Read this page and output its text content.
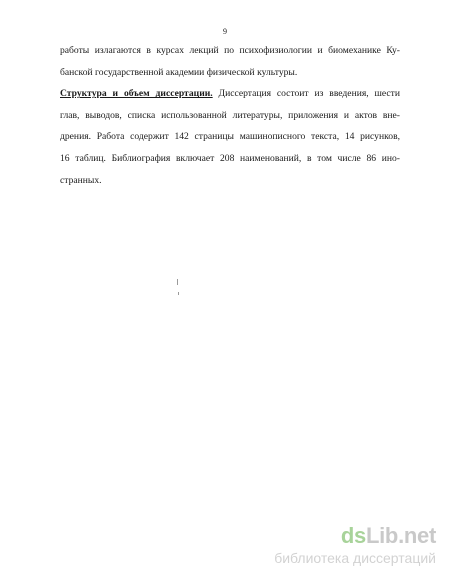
9
работы излагаются в курсах лекций по психофизиологии и биомеханике Ку-
банской государственной академии физической культуры.
Структура и объем диссертации. Диссертация состоит из введения, шести
глав, выводов, списка использованной литературы, приложения и актов вне-
дрения. Работа содержит 142 страницы машинописного текста, 14 рисунков,
16 таблиц. Библиография включает 208 наименований, в том числе 86 ино-
странных.
dsLib.net
библиотека диссертаций
